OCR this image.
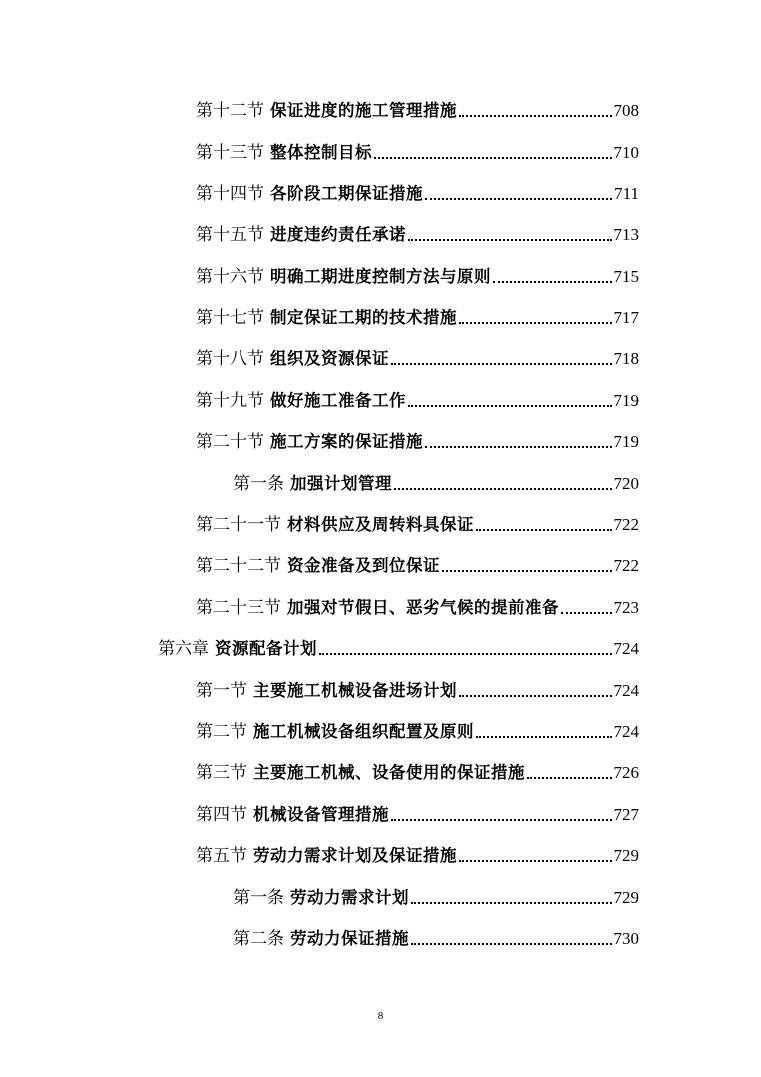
第十二节 保证进度的施工管理措施	708
第十三节 整体控制目标	710
第十四节 各阶段工期保证措施	711
第十五节 进度违约责任承诺	713
第十六节 明确工期进度控制方法与原则	715
第十七节 制定保证工期的技术措施	717
第十八节 组织及资源保证	718
第十九节 做好施工准备工作	719
第二十节 施工方案的保证措施	719
第一条 加强计划管理	720
第二十一节 材料供应及周转料具保证	722
第二十二节 资金准备及到位保证	722
第二十三节 加强对节假日、恶劣气候的提前准备	723
第六章 资源配备计划	724
第一节 主要施工机械设备进场计划	724
第二节 施工机械设备组织配置及原则	724
第三节 主要施工机械、设备使用的保证措施	726
第四节 机械设备管理措施	727
第五节 劳动力需求计划及保证措施	729
第一条 劳动力需求计划	729
第二条 劳动力保证措施	730
8
